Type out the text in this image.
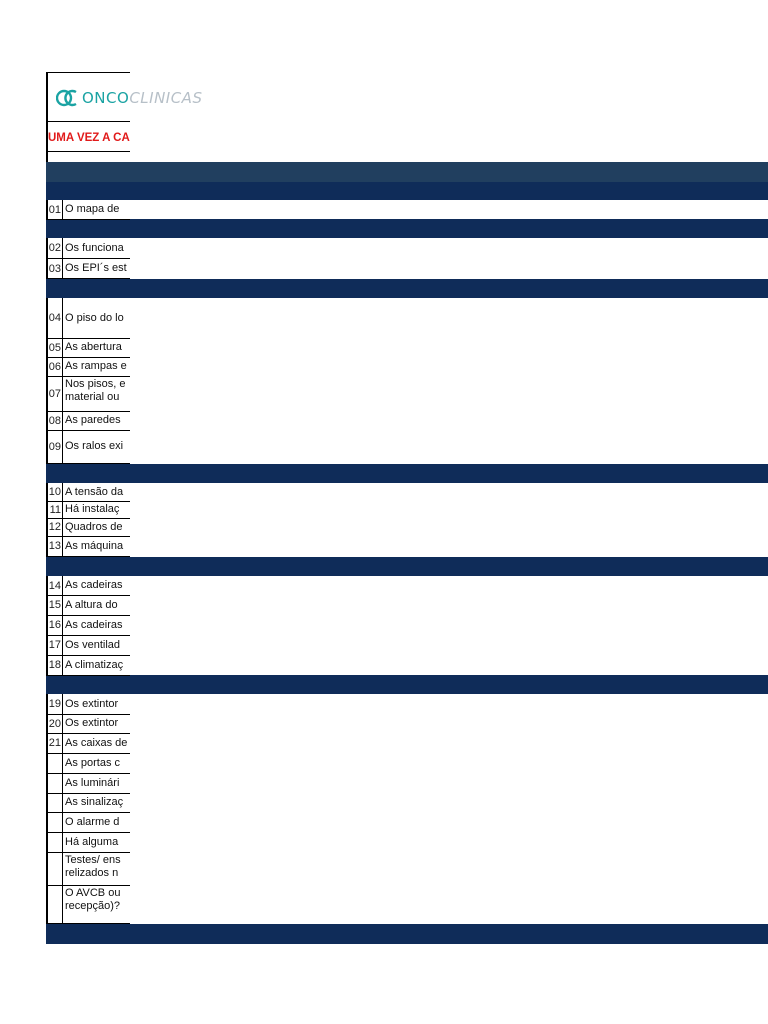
ONCOCLINICAS
UMA VEZ A CA
01 O mapa de
02 Os funciona
03 Os EPI´s est
04 O piso do lo
05 As abertura
06 As rampas e
07
Nos pisos, e material ou
08 As paredes
09 Os ralos exi
10 A tensão da
11 Há instalaç
12 Quadros de
13 As máquina
14 As cadeiras
15 A altura do
16 As cadeiras
17 Os ventilad
18 A climatizaç
19 Os extintor
20 Os extintor
21 As caixas de
As portas c
As luminári
As sinalizaç
O alarme d
Há alguma
Testes/ ens relizados n
O AVCB ou recepção)?
